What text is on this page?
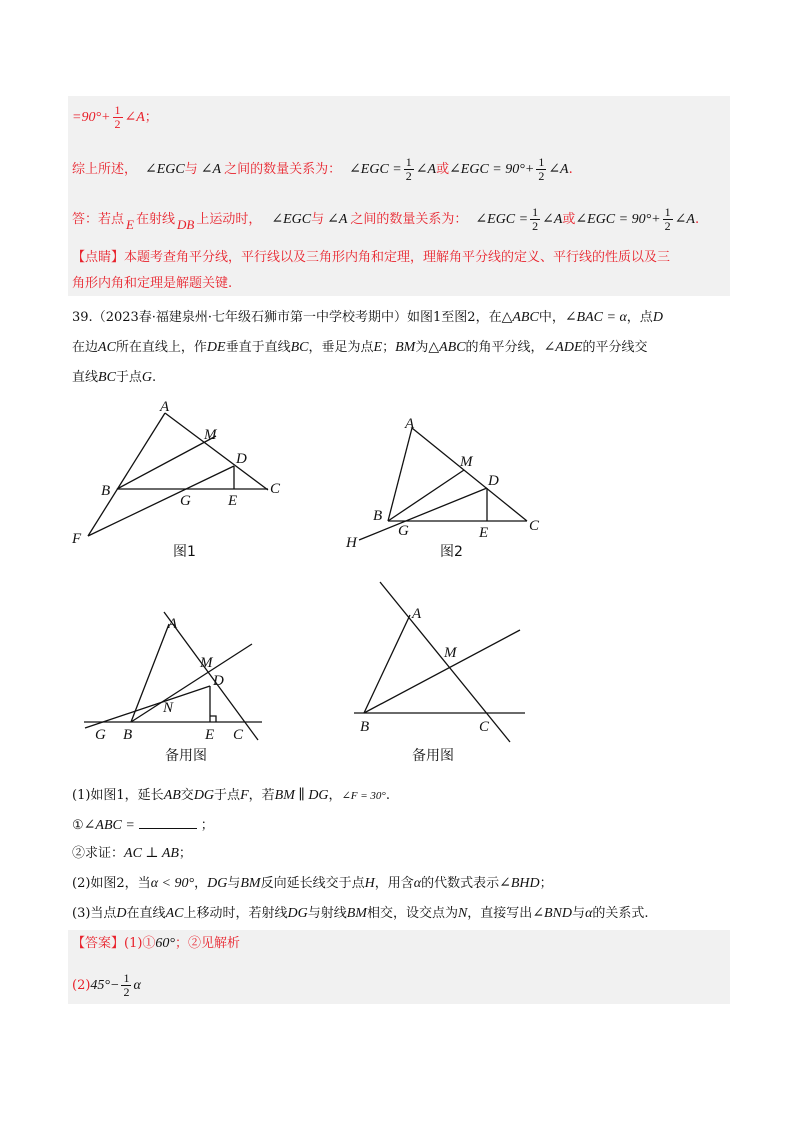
$=90^\circ+ \frac{1}{2}$ ∠A；
综上所述， ∠EGC与 ∠A 之间的数量关系为： ∠EGC = $\frac{1}{2}$ ∠A或∠EGC = $90^\circ+ \frac{1}{2}$ ∠A.
答：若点 E 在射线 DB 上运动时， ∠EGC与 ∠A 之间的数量关系为： ∠EGC = $\frac{1}{2}$ ∠A或∠EGC = $90^\circ+ \frac{1}{2}$ ∠A.
【点睛】本题考查角平分线，平行线以及三角形内角和定理，理解角平分线的定义、平行线的性质以及三
角形内角和定理是解题关键.
39.（2023春·福建泉州·七年级石狮市第一中学校考期中）如图1至图2，在△ABC中，∠BAC = α，点D
在边AC所在直线上，作DE垂直于直线BC，垂足为点E；BM为△ABC的角平分线，∠ADE的平分线交
直线BC于点G.
A
M
D
B
G E
C
F
图1
A
M
D
B
H
G	E	C
图2
A
M
D
N
G B	E C
备用图
A
M
B	C
备用图
(1)如图1，延长AB交DG于点F，若BM ∥ DG，∠F = 30°.
①∠ABC =	；
②求证：AC ⊥ AB；
(2)如图2，当α < 90°，DG与BM反向延长线交于点H，用含α的代数式表示∠BHD；
(3)当点D在直线AC上移动时，若射线DG与射线BM相交，设交点为N，直接写出∠BND与α的关系式.
【答案】(1)①60°；②见解析
$(2)45^\circ- \frac{1}{2}$ α
